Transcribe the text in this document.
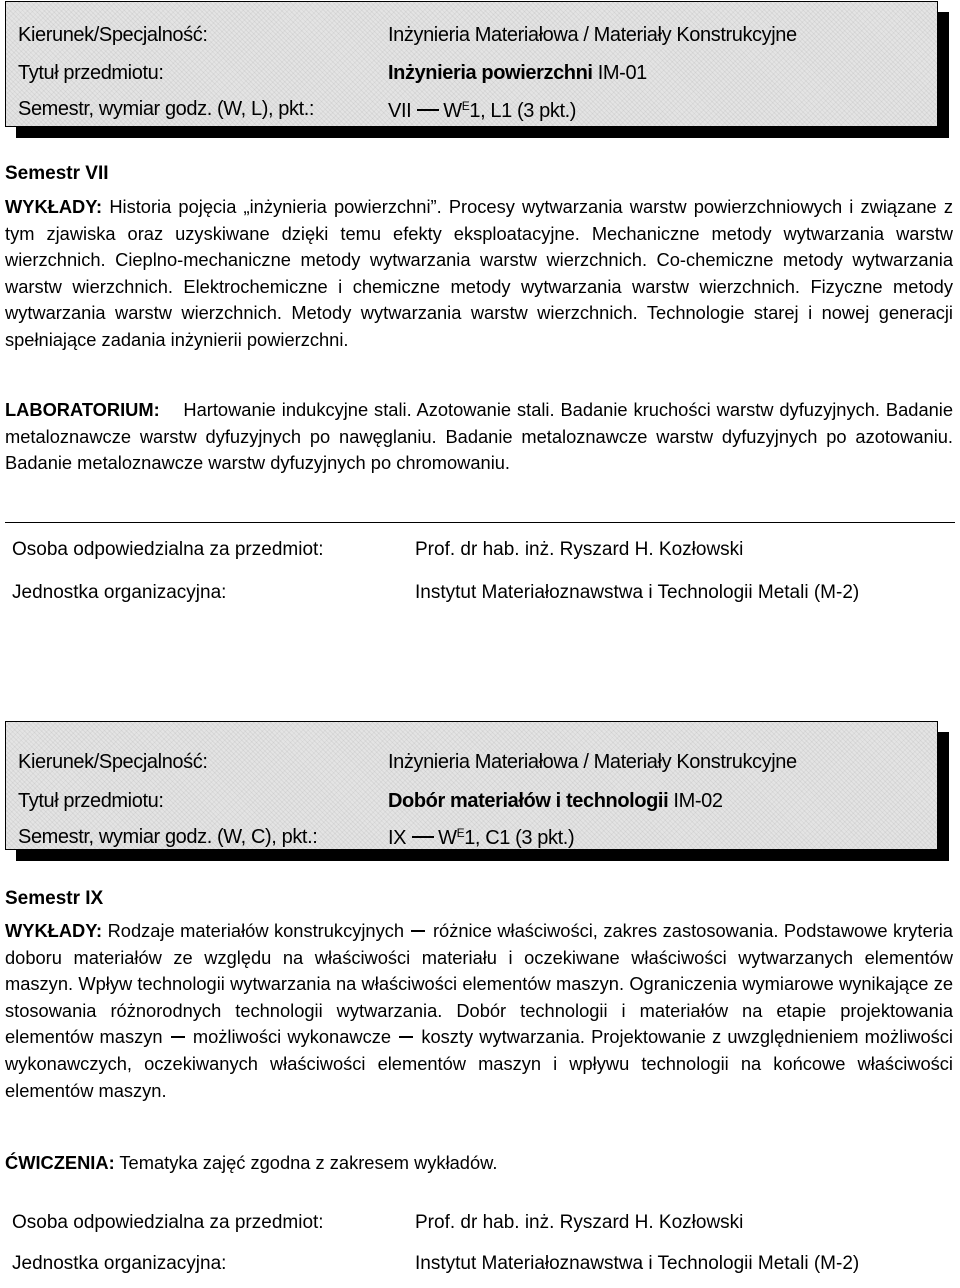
Kierunek/Specjalność:	Inżynieria Materiałowa / Materiały Konstrukcyjne
Tytuł przedmiotu:	Inżynieria powierzchni IM-01
Semestr, wymiar godz. (W, L), pkt.:	VII $W^E1$, L1 (3 pkt.)
Semestr VII

WYKŁADY: Historia pojęcia „inżynieria powierzchni”. Procesy wytwarzania warstw powierzchniowych i związane z tym zjawiska oraz uzyskiwane dzięki temu efekty eksploatacyjne. Mechaniczne metody wytwarzania warstw wierzchnich. Cieplno-mechaniczne metody wytwarzania warstw wierzchnich. Co-chemiczne metody wytwarzania warstw wierzchnich. Elektrochemiczne i chemiczne metody wytwarzania warstw wierzchnich. Fizyczne metody wytwarzania warstw wierzchnich. Metody wytwarzania warstw wierzchnich. Technologie starej i nowej generacji spełniające zadania inżynierii powierzchni.

LABORATORIUM: Hartowanie indukcyjne stali. Azotowanie stali. Badanie kruchości warstw dyfuzyjnych. Badanie metaloznawcze warstw dyfuzyjnych po nawęglaniu. Badanie metaloznawcze warstw dyfuzyjnych po azotowaniu. Badanie metaloznawcze warstw dyfuzyjnych po chromowaniu.

Osoba odpowiedzialna za przedmiot:	Prof. dr hab. inż. Ryszard H. Kozłowski
Jednostka organizacyjna:	Instytut Materiałoznawstwa i Technologii Metali (M-2)
Kierunek/Specjalność:	Inżynieria Materiałowa / Materiały Konstrukcyjne
Tytuł przedmiotu:	Dobór materiałów i technologii IM-02
Semestr, wymiar godz. (W, C), pkt.:	IX $W^E1$, C1 (3 pkt.)
Semestr IX

WYKŁADY: Rodzaje materiałów konstrukcyjnych różnice właściwości, zakres zastosowania. Podstawowe kryteria doboru materiałów ze względu na właściwości materiału i oczekiwane właściwości wytwarzanych elementów maszyn. Wpływ technologii wytwarzania na właściwości elementów maszyn. Ograniczenia wymiarowe wynikające ze stosowania różnorodnych technologii wytwarzania. Dobór technologii i materiałów na etapie projektowania elementów maszyn możliwości wykonawcze koszty wytwarzania. Projektowanie z uwzględnieniem możliwości wykonawczych, oczekiwanych właściwości elementów maszyn i wpływu technologii na końcowe właściwości elementów maszyn.

ĆWICZENIA: Tematyka zajęć zgodna z zakresem wykładów.

Osoba odpowiedzialna za przedmiot:	Prof. dr hab. inż. Ryszard H. Kozłowski
Jednostka organizacyjna:	Instytut Materiałoznawstwa i Technologii Metali (M-2)
